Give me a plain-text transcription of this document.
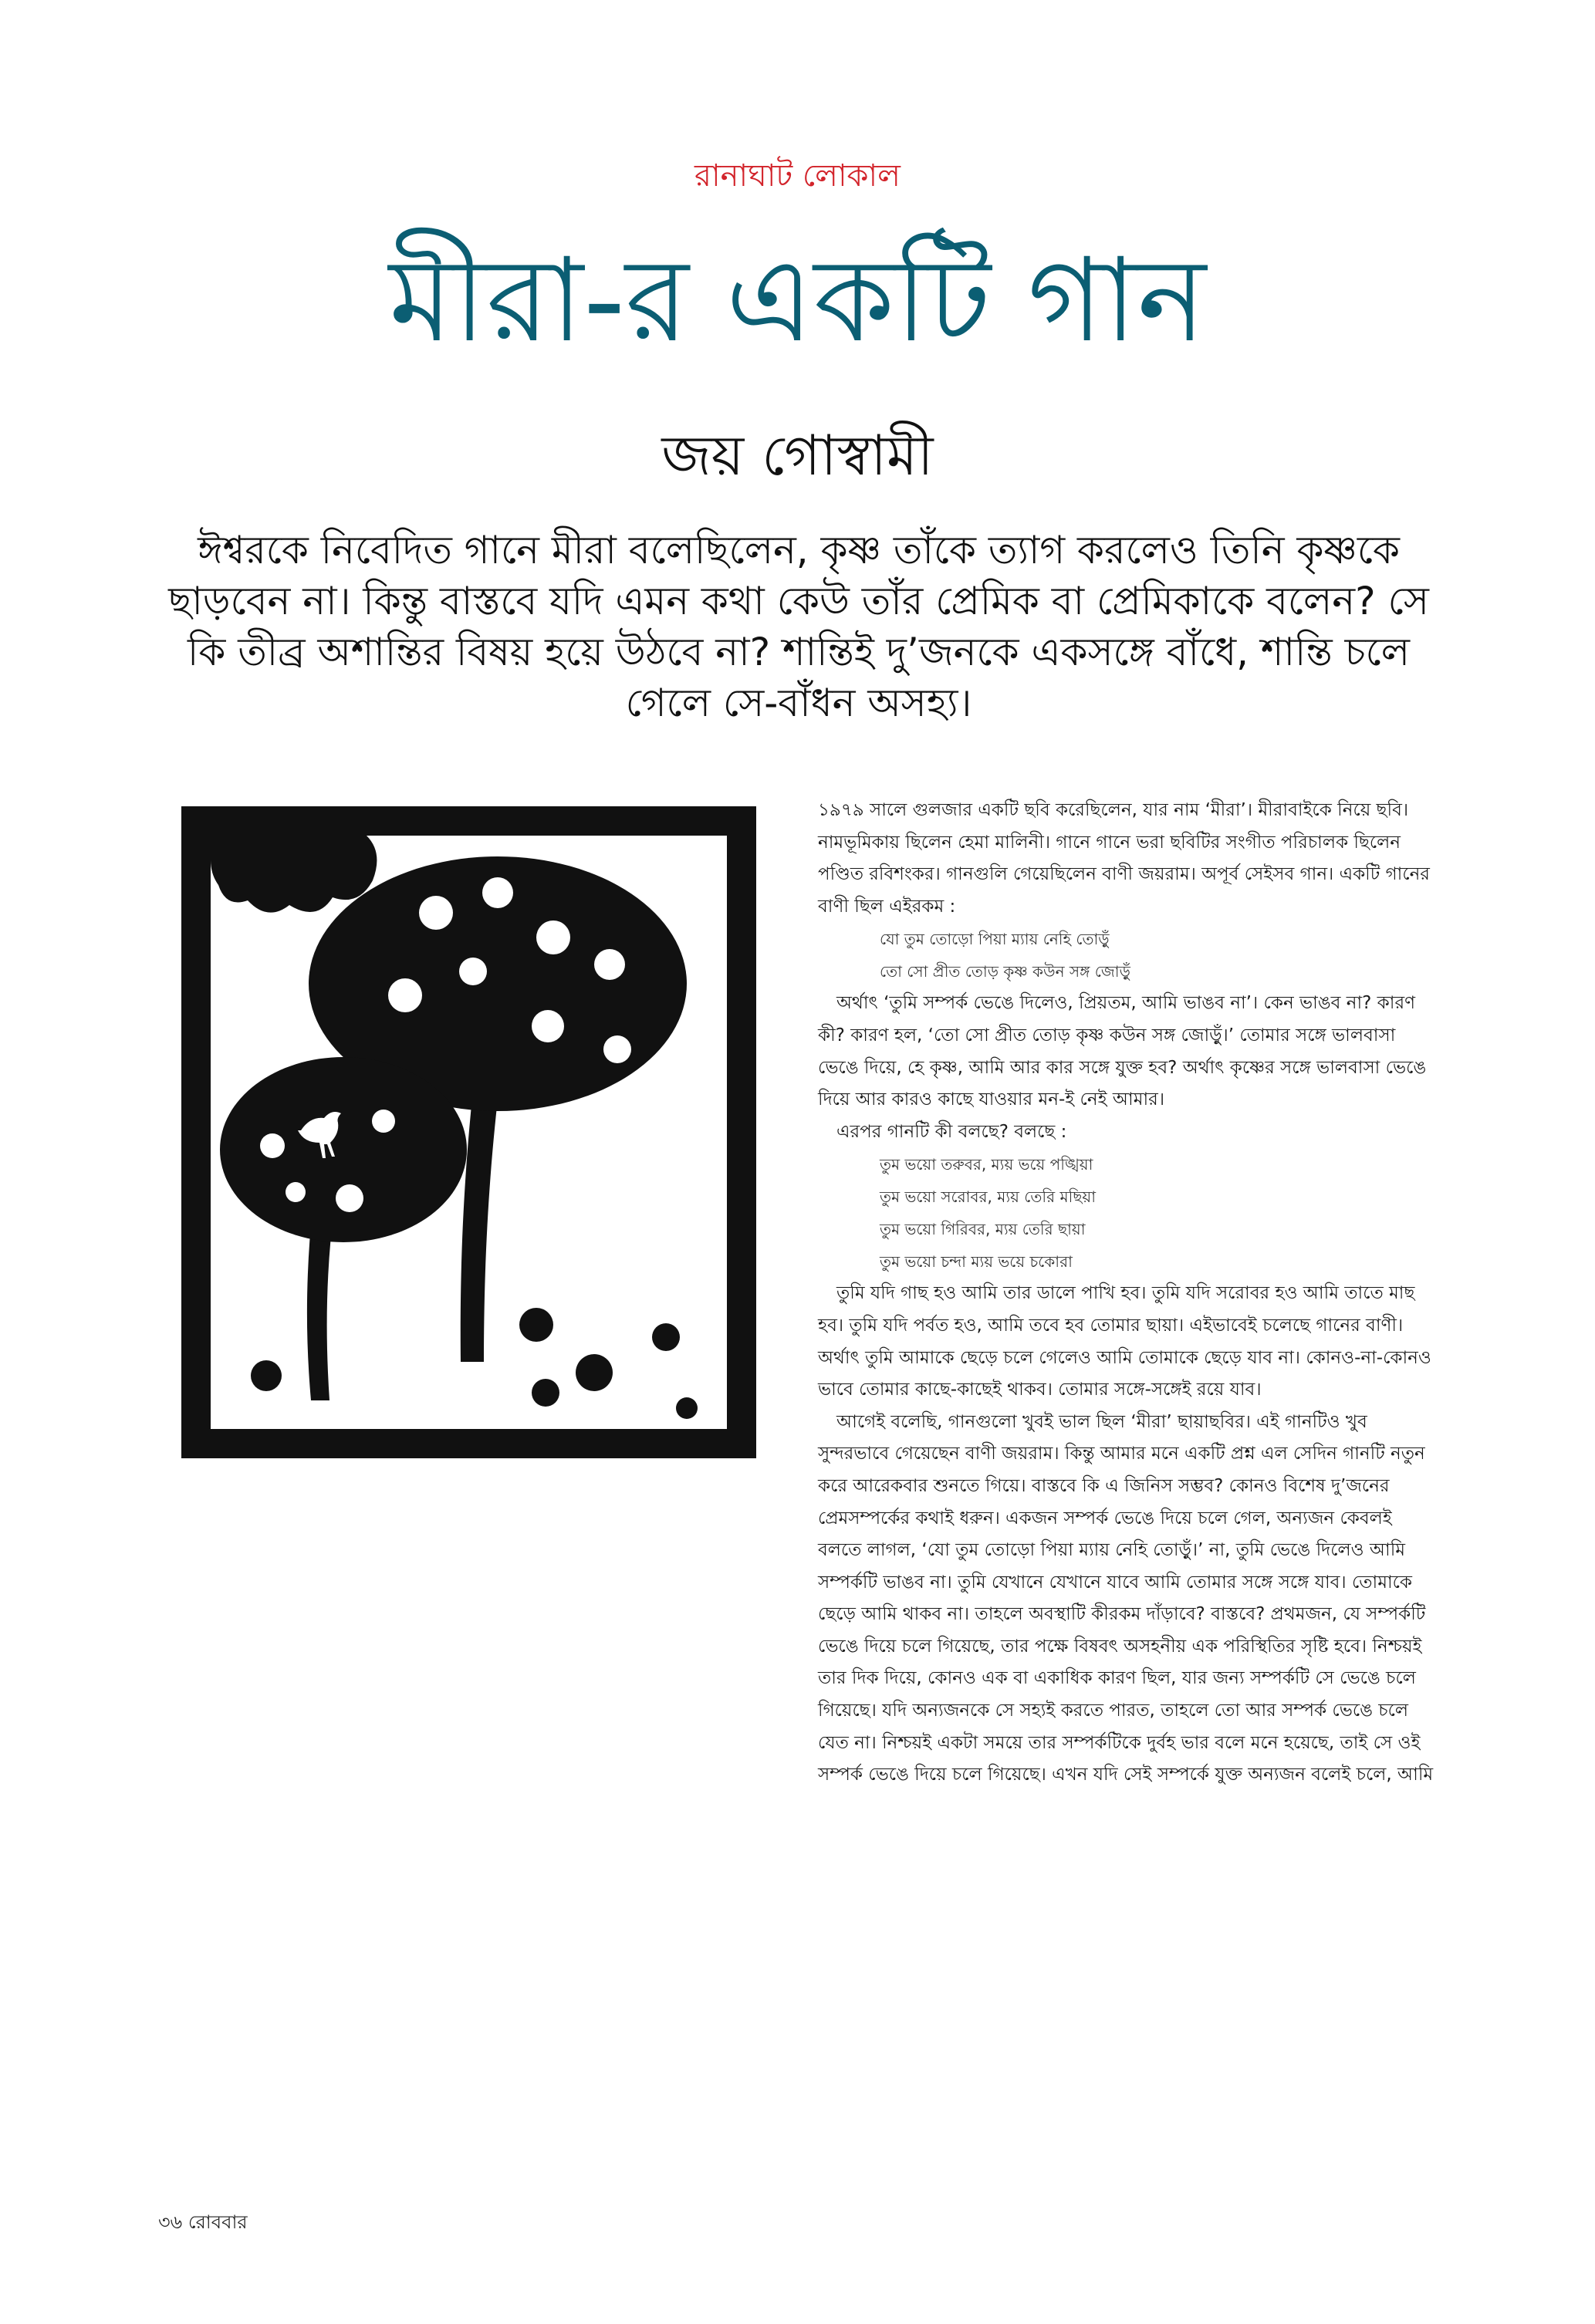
রানাঘাট লোকাল
মীরা-র একটি গান
জয় গোস্বামী
ঈশ্বরকে নিবেদিত গানে মীরা বলেছিলেন, কৃষ্ণ তাঁকে ত্যাগ করলেও তিনি কৃষ্ণকে ছাড়বেন না। কিন্তু বাস্তবে যদি এমন কথা কেউ তাঁর প্রেমিক বা প্রেমিকাকে বলেন? সে কি তীব্র অশান্তির বিষয় হয়ে উঠবে না? শান্তিই দু’জনকে একসঙ্গে বাঁধে, শান্তি চলে গেলে সে-বাঁধন অসহ্য।

১৯৭৯ সালে গুলজার একটি ছবি করেছিলেন, যার নাম ‘মীরা’। মীরাবাইকে নিয়ে ছবি। নামভূমিকায় ছিলেন হেমা মালিনী। গানে গানে ভরা ছবিটির সংগীত পরিচালক ছিলেন পণ্ডিত রবিশংকর। গানগুলি গেয়েছিলেন বাণী জয়রাম। অপূর্ব সেইসব গান। একটি গানের বাণী ছিল এইরকম :

যো তুম তোড়ো পিয়া ম্যায় নেহি তোড়ুঁ

তো সো প্রীত তোড় কৃষ্ণ কউন সঙ্গ জোড়ুঁ

অর্থাৎ ‘তুমি সম্পর্ক ভেঙে দিলেও, প্রিয়তম, আমি ভাঙব না’। কেন ভাঙব না? কারণ কী? কারণ হল, ‘তো সো প্রীত তোড় কৃষ্ণ কউন সঙ্গ জোড়ুঁ।’ তোমার সঙ্গে ভালবাসা ভেঙে দিয়ে, হে কৃষ্ণ, আমি আর কার সঙ্গে যুক্ত হব? অর্থাৎ কৃষ্ণের সঙ্গে ভালবাসা ভেঙে দিয়ে আর কারও কাছে যাওয়ার মন-ই নেই আমার।

এরপর গানটি কী বলছে? বলছে :

তুম ভয়ো তরুবর, ম্যয় ভয়ে পঙ্খিয়া

তুম ভয়ো সরোবর, ম্যয় তেরি মছিয়া

তুম ভয়ো গিরিবর, ম্যয় তেরি ছায়া

তুম ভয়ো চন্দা ম্যয় ভয়ে চকোরা

তুমি যদি গাছ হও আমি তার ডালে পাখি হব। তুমি যদি সরোবর হও আমি তাতে মাছ হব। তুমি যদি পর্বত হও, আমি তবে হব তোমার ছায়া। এইভাবেই চলেছে গানের বাণী। অর্থাৎ তুমি আমাকে ছেড়ে চলে গেলেও আমি তোমাকে ছেড়ে যাব না। কোনও-না-কোনও ভাবে তোমার কাছে-কাছেই থাকব। তোমার সঙ্গে-সঙ্গেই রয়ে যাব।

আগেই বলেছি, গানগুলো খুবই ভাল ছিল ‘মীরা’ ছায়াছবির। এই গানটিও খুব সুন্দরভাবে গেয়েছেন বাণী জয়রাম। কিন্তু আমার মনে একটি প্রশ্ন এল সেদিন গানটি নতুন করে আরেকবার শুনতে গিয়ে। বাস্তবে কি এ জিনিস সম্ভব? কোনও বিশেষ দু’জনের প্রেমসম্পর্কের কথাই ধরুন। একজন সম্পর্ক ভেঙে দিয়ে চলে গেল, অন্যজন কেবলই বলতে লাগল, ‘যো তুম তোড়ো পিয়া ম্যায় নেহি তোড়ুঁ।’ না, তুমি ভেঙে দিলেও আমি সম্পর্কটি ভাঙব না। তুমি যেখানে যেখানে যাবে আমি তোমার সঙ্গে সঙ্গে যাব। তোমাকে ছেড়ে আমি থাকব না। তাহলে অবস্থাটি কীরকম দাঁড়াবে? বাস্তবে? প্রথমজন, যে সম্পর্কটি ভেঙে দিয়ে চলে গিয়েছে, তার পক্ষে বিষবৎ অসহনীয় এক পরিস্থিতির সৃষ্টি হবে। নিশ্চয়ই তার দিক দিয়ে, কোনও এক বা একাধিক কারণ ছিল, যার জন্য সম্পর্কটি সে ভেঙে চলে গিয়েছে। যদি অন্যজনকে সে সহ্যই করতে পারত, তাহলে তো আর সম্পর্ক ভেঙে চলে যেত না। নিশ্চয়ই একটা সময়ে তার সম্পর্কটিকে দুর্বহ ভার বলে মনে হয়েছে, তাই সে ওই সম্পর্ক ভেঙে দিয়ে চলে গিয়েছে। এখন যদি সেই সম্পর্কে যুক্ত অন্যজন বলেই চলে, আমি

৩৬ রোববার
